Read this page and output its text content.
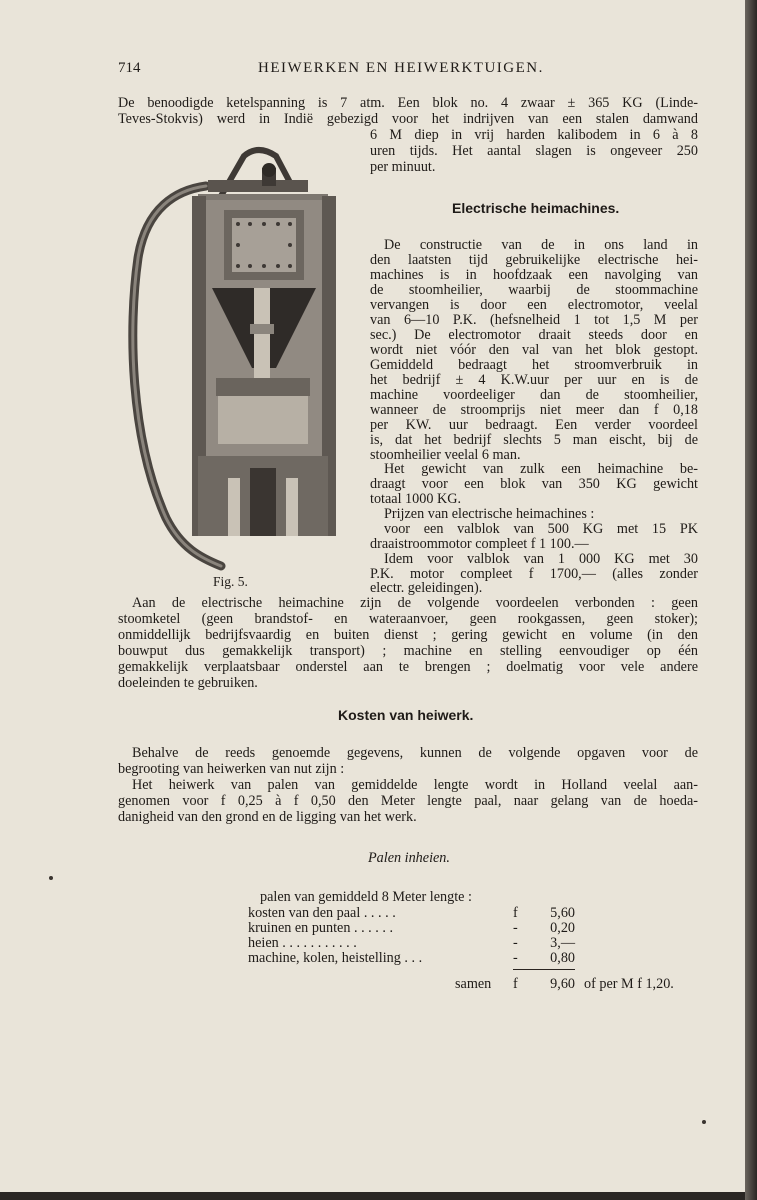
714	HEIWERKEN EN HEIWERKTUIGEN.
De benoodigde ketelspanning is 7 atm. Een blok no. 4 zwaar ± 365 KG (Linde-
Teves-Stokvis) werd in Indië gebezigd voor het indrijven van een stalen damwand
6 M diep in vrij harden kalibodem in 6 à 8
uren tijds. Het aantal slagen is ongeveer 250
per minuut.
Fig. 5.
Electrische heimachines.
De constructie van de in ons land in
den laatsten tijd gebruikelijke electrische hei-
machines is in hoofdzaak een navolging van
de stoomheilier, waarbij de stoommachine
vervangen is door een electromotor, veelal
van 6—10 P.K. (hefsnelheid 1 tot 1,5 M per
sec.) De electromotor draait steeds door en
wordt niet vóór den val van het blok gestopt.
Gemiddeld bedraagt het stroomverbruik in
het bedrijf ± 4 K.W.uur per uur en is de
machine voordeeliger dan de stoomheilier,
wanneer de stroomprijs niet meer dan f 0,18
per KW. uur bedraagt. Een verder voordeel
is, dat het bedrijf slechts 5 man eischt, bij de
stoomheilier veelal 6 man.
Het gewicht van zulk een heimachine be-
draagt voor een blok van 350 KG gewicht
totaal 1000 KG.
Prijzen van electrische heimachines :
voor een valblok van 500 KG met 15 PK
draaistroommotor compleet f 1 100.—
Idem voor valblok van 1 000 KG met 30
P.K. motor compleet f 1700,— (alles zonder
electr. geleidingen).
Aan de electrische heimachine zijn de volgende voordeelen verbonden : geen
stoomketel (geen brandstof- en wateraanvoer, geen rookgassen, geen stoker);
onmiddellijk bedrijfsvaardig en buiten dienst ; gering gewicht en volume (in den
bouwput dus gemakkelijk transport) ; machine en stelling eenvoudiger op één
gemakkelijk verplaatsbaar onderstel aan te brengen ; doelmatig voor vele andere
doeleinden te gebruiken.
Kosten van heiwerk.
Behalve de reeds genoemde gegevens, kunnen de volgende opgaven voor de
begrooting van heiwerken van nut zijn :
Het heiwerk van palen van gemiddelde lengte wordt in Holland veelal aan-
genomen voor f 0,25 à f 0,50 den Meter lengte paal, naar gelang van de hoeda-
danigheid van den grond en de ligging van het werk.
Palen inheien.
palen van gemiddeld 8 Meter lengte :
kosten van den paal . . . . .	f	5,60
kruinen en punten . . . . . .	-	0,20
heien . . . . . . . . . . .	-	3,—
machine, kolen, heistelling . . .	-	0,80
samen f	9,60 of per M f 1,20.
